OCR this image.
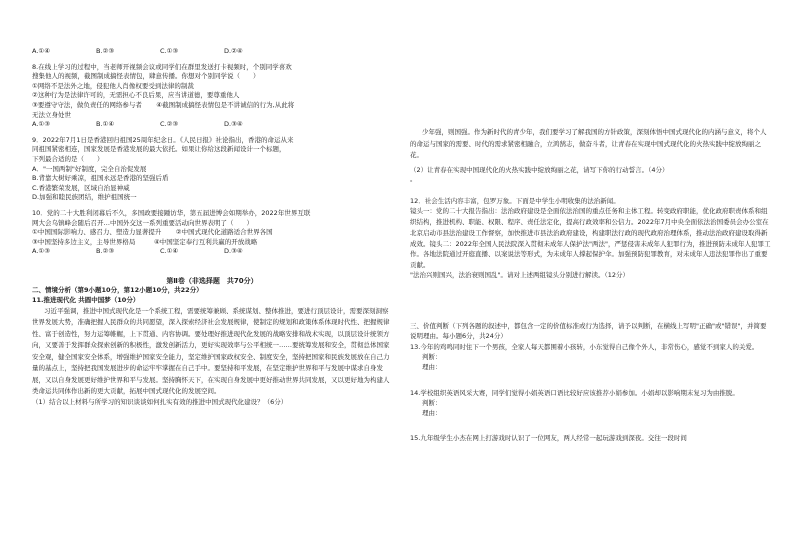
A.①④	B.②③	C.①③	D.②④
8.在线上学习的过程中，当老师开视频会议或同学们在群里发送打卡视频时，个别同学喜欢
搜集他人的视频，截图制成搞怪表情包，肆意传播。你想对个别同学说（　　）
①网络不是法外之地，侵犯他人肖像权要受到法律的制裁
②这种行为是法律许可的，无需担心不良后果，应当讲道德，要尊重他人
③要遵守守法，做负责任的网络参与者 ④截图制成搞怪表情包是不讲诚信的行为,从此将
无法立身处世
A.①③	B.①④	C.②③	D.③④
9．2022年7月1日是香港回归祖国25周年纪念日。《人民日报》社论指出，香港的命运从来
同祖国紧密相连，国家发展是香港发展的最大依托。如果让你给这段新闻设计一个标题，
下列最合适的是（　　）
A．"一国两制"好制度，完全自治促发展
B.背靠大树好乘凉，祖国永远是香港的坚强后盾
C.香港繁荣发展，区域自治显神威
D.加强和睦民族团结，维护祖国统一
10．党的二十大胜利闭幕后不久，多国政要接踵访华，第五届进博会如期举办，2022年世界互联
网大会乌镇峰会随后召开…中国外交这一系列重要活动向世界表明了（　　）
①中国国际影响力、感召力、塑造力显著提升 ②中国式现代化道路适合世界各国
③中国坚持多边主义，主导世界格局	④中国坚定奉行互利共赢的开放战略
A.①③	B.②③	C.①④	D.③④
第Ⅱ卷（非选择题　共70分）
二、情境分析（第9小题10分，第12小题10分，共22分）
11.推进现代化 共圆中国梦（10分）

习近平强调，推进中国式现代化是一个系统工程，需要统筹兼顾、系统谋划、整体推进，要进行顶层设计，需要深刻洞察世界发展大势，准确把握人民群众的共同愿望，深入探索经济社会发展规律，使制定的规划和政策体系体现时代性、把握规律性、富于创造性，努力运筹帷幄，上下贯通、内容协调。要处理好推进现代化发展的战略安排和战术实现，以顶层设计统领方向，又要善于发挥群众探索创新的积极性，激发创新活力，更好实现效率与公平相统一……要统筹发展和安全，贯彻总体国家安全观，健全国家安全体系，增强维护国家安全能力，坚定维护国家政权安全、制度安全，坚持把国家和民族发展放在自己力量的基点上，坚持把我国发展进步的命运牢牢掌握在自己手中。要坚持和平发展，在坚定维护世界和平与发展中谋求自身发展，又以自身发展更好维护世界和平与发展。坚持胸怀天下，在实现自身发展中更好推动世界共同发展，又以更好地为构建人类命运共同体作出新的更大贡献，拓展中国式现代化的发展空间。

（1）结合以上材料与所学习的知识谈谈如何扎实有效的推进中国式现代化建设？（6分）

少年强，则国强。作为新时代的青少年，我们要学习了解我国的方针政策，深刻体悟中国式现代化的内涵与意义，将个人的命运与国家的需要、时代的需求紧密相融合，立鸿鹄志，做奋斗者，让青春在实现中国式现代化的火热实践中绽放绚丽之花。

（2）让青春在实现中国现代化的火热实践中绽放绚丽之花，请写下你的行动誓言。（4分）
。
12．社会生活内容丰富，包罗万象。下面是中学生小明收集的法治新闻。

镜头一：党的二十大报告指出：法治政府建设是全面依法治国的重点任务和主体工程。转变政府职能，优化政府职责体系和组织结构，推进机构、职能、权限、程序、责任法定化，提高行政效率和公信力。2022年7月中央全面依法治国委员会办公室在北京启动市县法治建设工作督察，加快推进市县法治政府建设，构建职法行政的现代政府治理体系，推动法治政府建设取得新成效。镜头二：2022年全国人民法院深入贯彻未成年人保护法"两法"，严惩侵害未成年人犯罪行为，推进预防未成年人犯罪工作。各地法院通过开庭直播、以案说法等形式，为未成年人撑起保护伞。加强预防犯罪教育，对未成年人违法犯罪作出了重要贡献。

"法治兴则国兴，法治衰则国乱"。请对上述两组镜头分别进行解读。（12分）

三、价值判断（下列各题的叙述中，都包含一定的价值标准或行为选择，请予以判断，在横线上写明"正确"或"错误"，并简要说明理由。每小题6分，共24分）

13.今年的鸡鸣同时住下一个男孩，全家人每天都围着小孩转，小东觉得自己像个外人，非常伤心，感觉不到家人的关爱。

判断：
理由：

14.学校组织英语风采大赛，同学们觉得小娟英语口语比较好应该推荐小娟参加。小娟却以影响期末复习为由推脱。

判断：
理由：
15.九年级学生小杰在网上打游戏时认识了一位网友，两人经常一起玩游戏到深夜。交往一段时间
